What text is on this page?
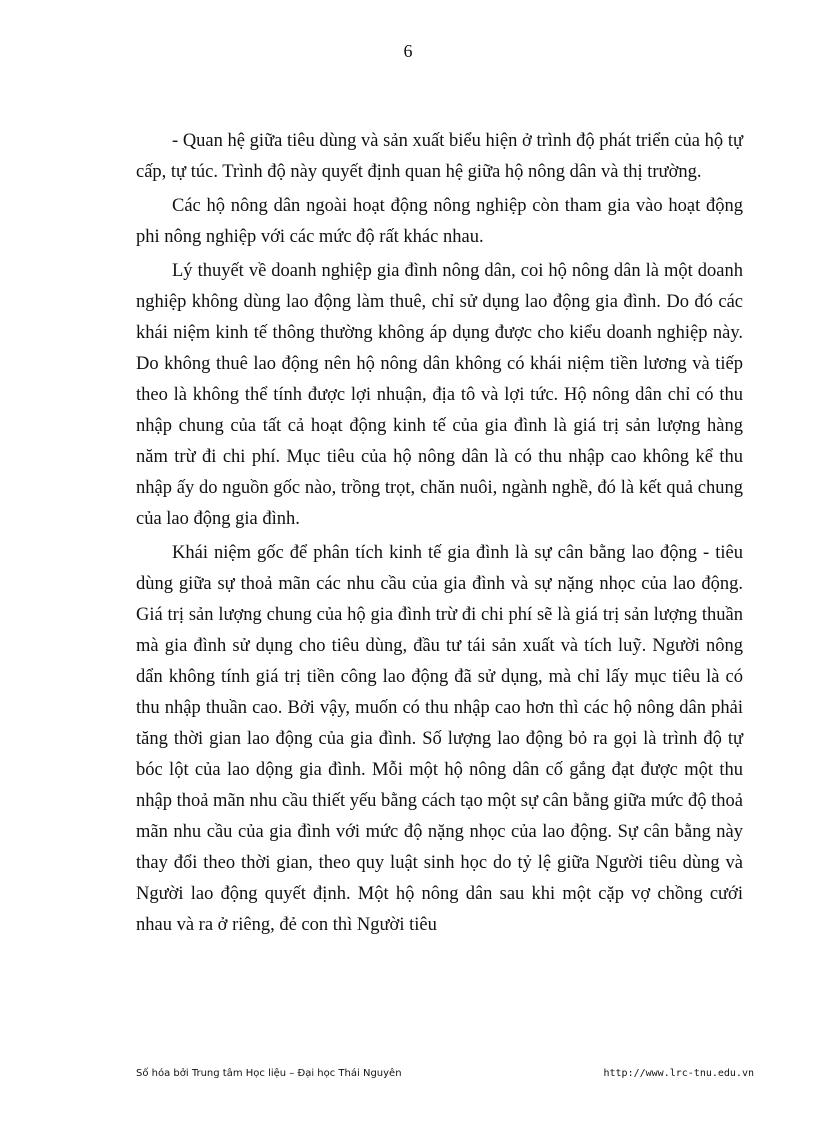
6

- Quan hệ giữa tiêu dùng và sản xuất biểu hiện ở trình độ phát triển của hộ tự cấp, tự túc. Trình độ này quyết định quan hệ giữa hộ nông dân và thị trường.

Các hộ nông dân ngoài hoạt động nông nghiệp còn tham gia vào hoạt động phi nông nghiệp với các mức độ rất khác nhau.

Lý thuyết về doanh nghiệp gia đình nông dân, coi hộ nông dân là một doanh nghiệp không dùng lao động làm thuê, chỉ sử dụng lao động gia đình. Do đó các khái niệm kinh tế thông thường không áp dụng được cho kiểu doanh nghiệp này. Do không thuê lao động nên hộ nông dân không có khái niệm tiền lương và tiếp theo là không thể tính được lợi nhuận, địa tô và lợi tức. Hộ nông dân chỉ có thu nhập chung của tất cả hoạt động kinh tế của gia đình là giá trị sản lượng hàng năm trừ đi chi phí. Mục tiêu của hộ nông dân là có thu nhập cao không kể thu nhập ấy do nguồn gốc nào, trồng trọt, chăn nuôi, ngành nghề, đó là kết quả chung của lao động gia đình.

Khái niệm gốc để phân tích kinh tế gia đình là sự cân bằng lao động - tiêu dùng giữa sự thoả mãn các nhu cầu của gia đình và sự nặng nhọc của lao động. Giá trị sản lượng chung của hộ gia đình trừ đi chi phí sẽ là giá trị sản lượng thuần mà gia đình sử dụng cho tiêu dùng, đầu tư tái sản xuất và tích luỹ. Người nông dẩn không tính giá trị tiền công lao động đã sử dụng, mà chỉ lấy mục tiêu là có thu nhập thuần cao. Bởi vậy, muốn có thu nhập cao hơn thì các hộ nông dân phải tăng thời gian lao động của gia đình. Số lượng lao động bỏ ra gọi là trình độ tự bóc lột của lao dộng gia đình. Mỗi một hộ nông dân cố gắng đạt được một thu nhập thoả mãn nhu cầu thiết yếu bằng cách tạo một sự cân bằng giữa mức độ thoả mãn nhu cầu của gia đình với mức độ nặng nhọc của lao động. Sự cân bằng này thay đổi theo thời gian, theo quy luật sinh học do tỷ lệ giữa Người tiêu dùng và Người lao động quyết định. Một hộ nông dân sau khi một cặp vợ chồng cưới nhau và ra ở riêng, đẻ con thì Người tiêu

Số hóa bởi Trung tâm Học liệu – Đại học Thái Nguyên	http://www.lrc-tnu.edu.vn
